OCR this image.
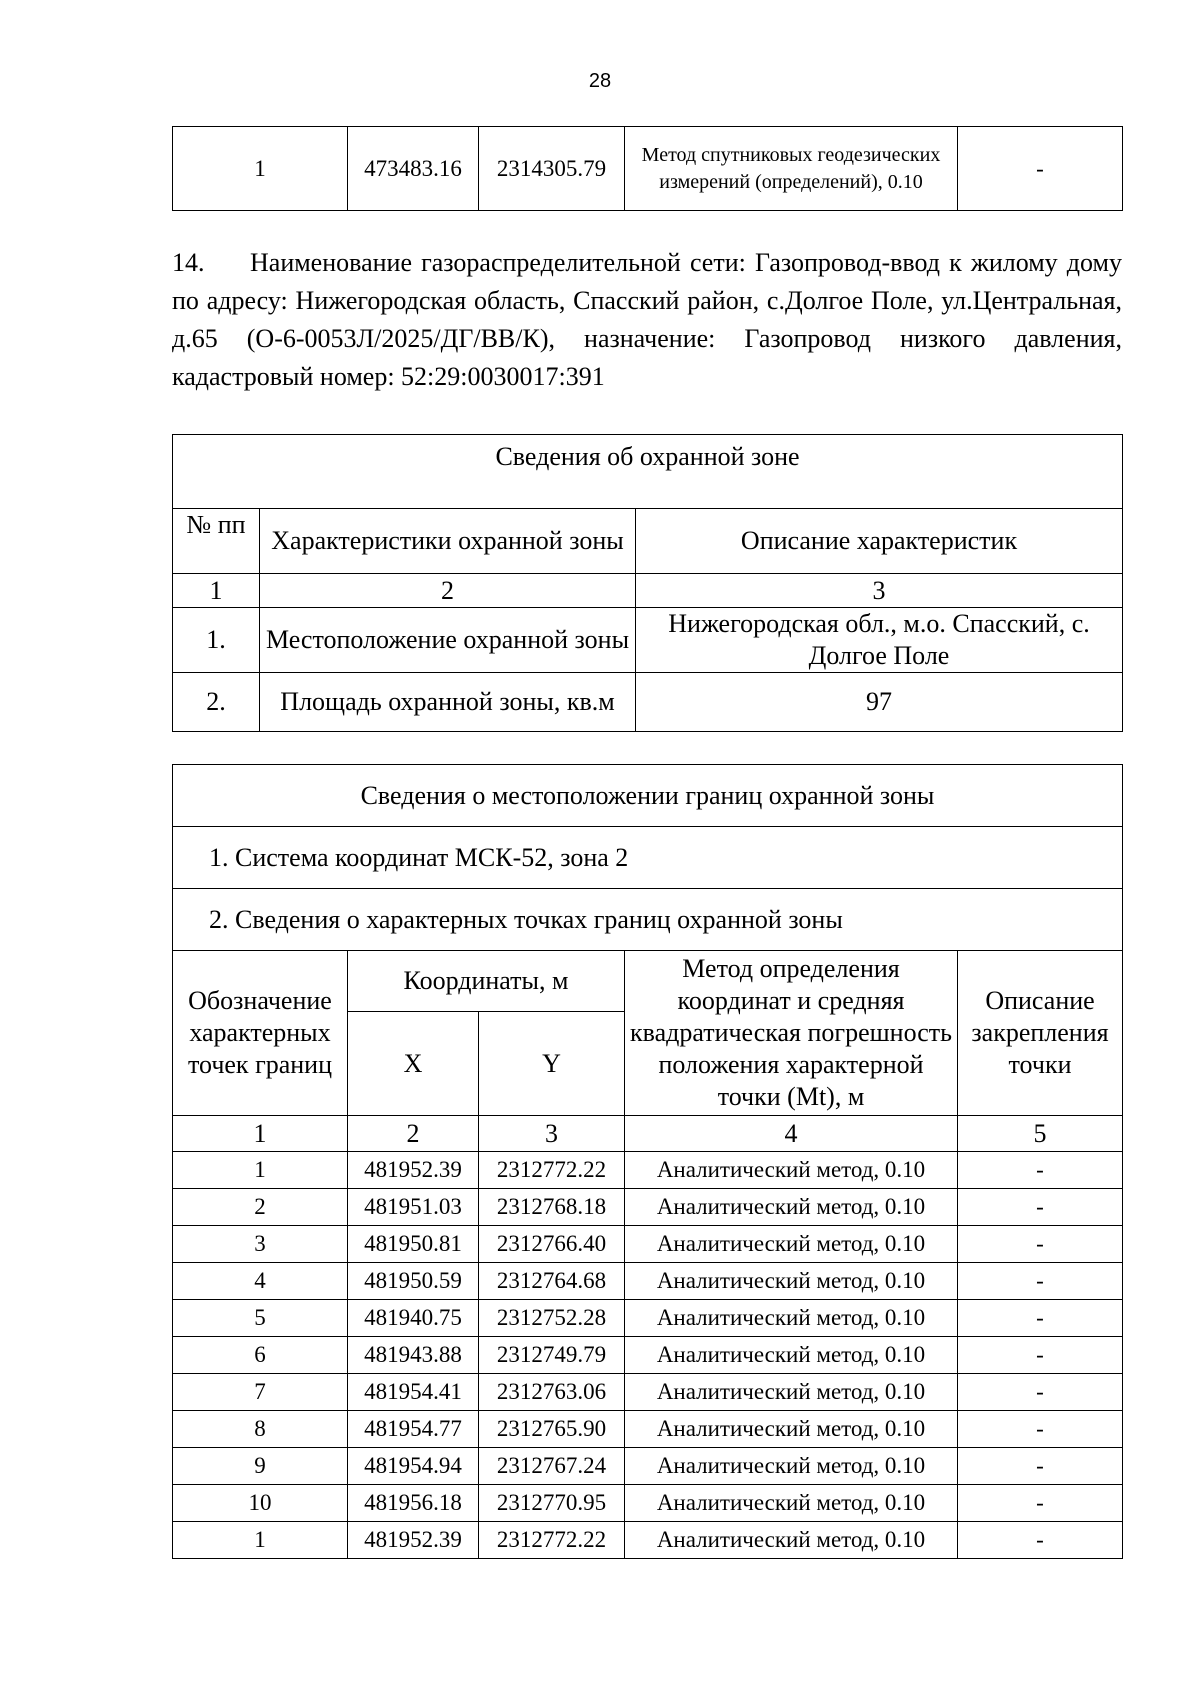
28
1	473483.16	2314305.79	Метод спутниковых геодезических измерений (определений), 0.10	-

14. Наименование газораспределительной сети: Газопровод-ввод к жилому дому по адресу: Нижегородская область, Спасский район, с.Долгое Поле, ул.Центральная, д.65 (О-6-0053Л/2025/ДГ/ВВ/К), назначение: Газопровод низкого давления, кадастровый номер: 52:29:0030017:391

Сведения об охранной зоне		
№ пп	Характеристики охранной зоны	Описание характеристик
1	2	3
1.	Местоположение охранной зоны	Нижегородская обл., м.о. Спасский, с. Долгое Поле
2.	Площадь охранной зоны, кв.м	97
Сведения о местоположении границ охранной зоны				
1. Система координат МСК-52, зона 2				
2. Сведения о характерных точках границ охранной зоны				
Обозначение характерных точек границ	Координаты, м		Метод определения координат и средняя квадратическая погрешность положения характерной точки (Mt), м	Описание закрепления точки
	X	Y		
1	2	3	4	5
1	481952.39	2312772.22	Аналитический метод, 0.10	-
2	481951.03	2312768.18	Аналитический метод, 0.10	-
3	481950.81	2312766.40	Аналитический метод, 0.10	-
4	481950.59	2312764.68	Аналитический метод, 0.10	-
5	481940.75	2312752.28	Аналитический метод, 0.10	-
6	481943.88	2312749.79	Аналитический метод, 0.10	-
7	481954.41	2312763.06	Аналитический метод, 0.10	-
8	481954.77	2312765.90	Аналитический метод, 0.10	-
9	481954.94	2312767.24	Аналитический метод, 0.10	-
10	481956.18	2312770.95	Аналитический метод, 0.10	-
1	481952.39	2312772.22	Аналитический метод, 0.10	-
